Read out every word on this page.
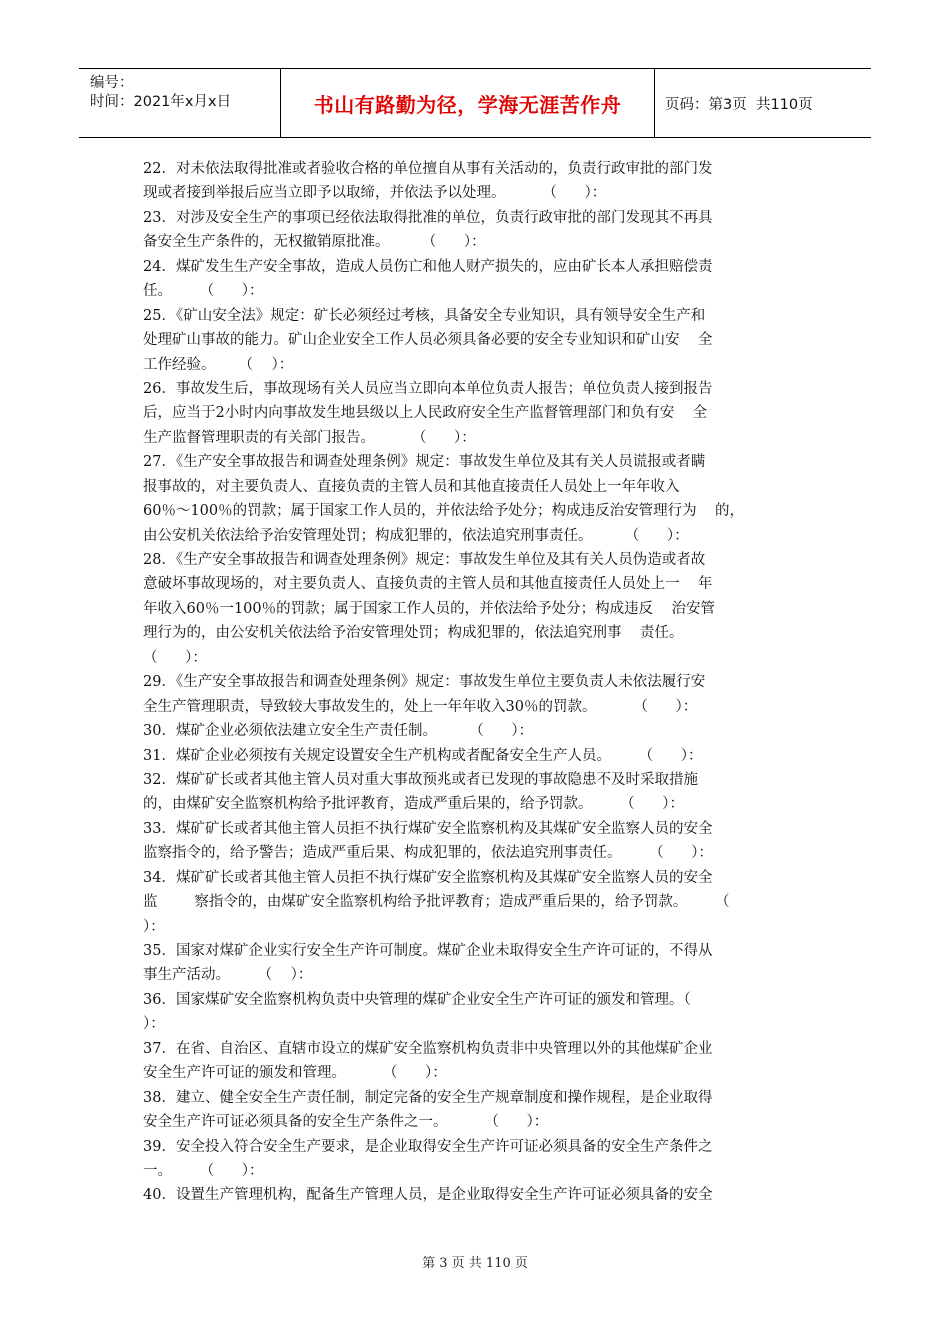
编号：
时间：2021年x月x日	书山有路勤为径，学海无涯苦作舟	页码：第3页  共110页
22．对未依法取得批准或者验收合格的单位擅自从事有关活动的，负责行政审批的部门发
现或者接到举报后应当立即予以取缔，并依法予以处理。        （      ）：
23．对涉及安全生产的事项已经依法取得批准的单位，负责行政审批的部门发现其不再具
备安全生产条件的，无权撤销原批准。       （      ）：
24．煤矿发生生产安全事故，造成人员伤亡和他人财产损失的，应由矿长本人承担赔偿责
任。      （      ）：
25．《矿山安全法》规定：矿长必须经过考核，具备安全专业知识，具有领导安全生产和
处理矿山事故的能力。矿山企业安全工作人员必须具备必要的安全专业知识和矿山安    全
工作经验。     （    ）：
26．事故发生后，事故现场有关人员应当立即向本单位负责人报告；单位负责人接到报告
后，应当于2小时内向事故发生地县级以上人民政府安全生产监督管理部门和负有安    全
生产监督管理职责的有关部门报告。        （      ）：
27．《生产安全事故报告和调查处理条例》规定：事故发生单位及其有关人员谎报或者瞒
报事故的，对主要负责人、直接负责的主管人员和其他直接责任人员处上一年年收入
60％～100％的罚款；属于国家工作人员的，并依法给予处分；构成违反治安管理行为    的，
由公安机关依法给予治安管理处罚；构成犯罪的，依法追究刑事责任。       （      ）：
28．《生产安全事故报告和调查处理条例》规定：事故发生单位及其有关人员伪造或者故
意破坏事故现场的，对主要负责人、直接负责的主管人员和其他直接责任人员处上一    年
年收入60％一100％的罚款；属于国家工作人员的，并依法给予处分；构成违反    治安管
理行为的，由公安机关依法给予治安管理处罚；构成犯罪的，依法追究刑事    责任。
（      ）：
29．《生产安全事故报告和调查处理条例》规定：事故发生单位主要负责人未依法履行安
全生产管理职责，导致较大事故发生的，处上一年年收入30％的罚款。        （      ）：
30．煤矿企业必须依法建立安全生产责任制。       （      ）：
31．煤矿企业必须按有关规定设置安全生产机构或者配备安全生产人员。      （      ）：
32．煤矿矿长或者其他主管人员对重大事故预兆或者已发现的事故隐患不及时采取措施
的，由煤矿安全监察机构给予批评教育，造成严重后果的，给予罚款。      （      ）：
33．煤矿矿长或者其他主管人员拒不执行煤矿安全监察机构及其煤矿安全监察人员的安全
监察指令的，给予警告；造成严重后果、构成犯罪的，依法追究刑事责任。      （      ）：
34．煤矿矿长或者其他主管人员拒不执行煤矿安全监察机构及其煤矿安全监察人员的安全
监        察指令的，由煤矿安全监察机构给予批评教育；造成严重后果的，给予罚款。      （
）：
35．国家对煤矿企业实行安全生产许可制度。煤矿企业未取得安全生产许可证的，不得从
事生产活动。      （    ）：
36．国家煤矿安全监察机构负责中央管理的煤矿企业安全生产许可证的颁发和管理。（
）：
37．在省、自治区、直辖市设立的煤矿安全监察机构负责非中央管理以外的其他煤矿企业
安全生产许可证的颁发和管理。        （      ）：
38．建立、健全安全生产责任制，制定完备的安全生产规章制度和操作规程，是企业取得
安全生产许可证必须具备的安全生产条件之一。        （      ）：
39．安全投入符合安全生产要求，是企业取得安全生产许可证必须具备的安全生产条件之
一。      （      ）：
40．设置生产管理机构，配备生产管理人员，是企业取得安全生产许可证必须具备的安全
第 3 页 共 110 页
